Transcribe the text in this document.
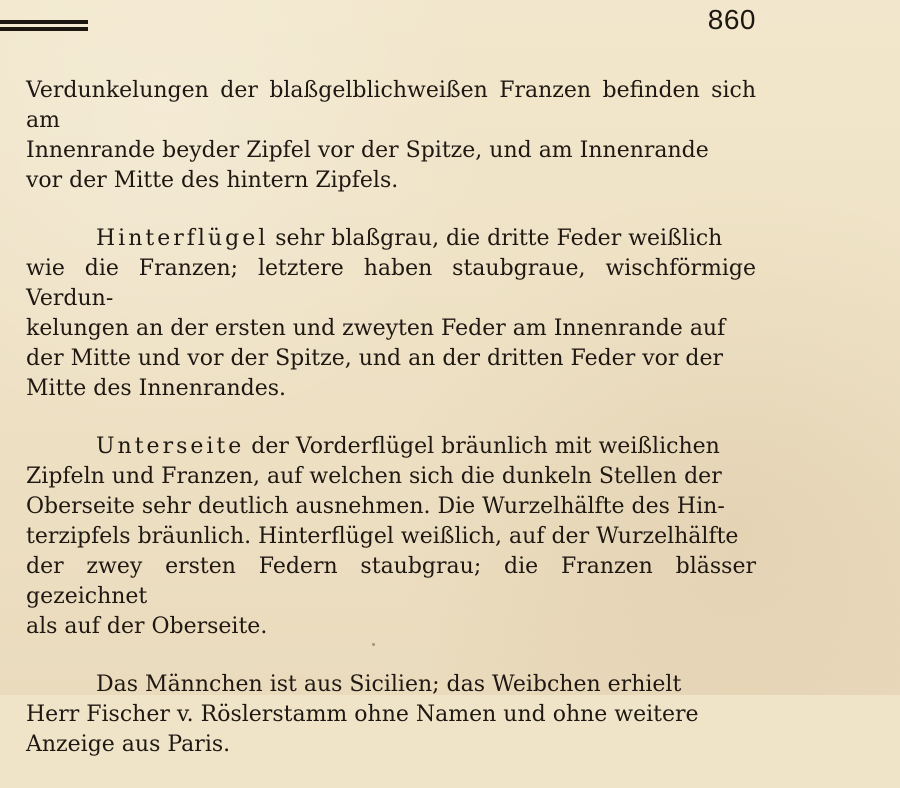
860

Verdunkelungen der blaßgelblichweißen Franzen befinden sich am
Innenrande beyder Zipfel vor der Spitze, und am Innenrande
vor der Mitte des hintern Zipfels.

Hinterflügel sehr blaßgrau, die dritte Feder weißlich
wie die Franzen; letztere haben staubgraue, wischförmige Verdun-
kelungen an der ersten und zweyten Feder am Innenrande auf
der Mitte und vor der Spitze, und an der dritten Feder vor der
Mitte des Innenrandes.

Unterseite der Vorderflügel bräunlich mit weißlichen
Zipfeln und Franzen, auf welchen sich die dunkeln Stellen der
Oberseite sehr deutlich ausnehmen. Die Wurzelhälfte des Hin-
terzipfels bräunlich. Hinterflügel weißlich, auf der Wurzelhälfte
der zwey ersten Federn staubgrau; die Franzen blässer gezeichnet
als auf der Oberseite.

Das Männchen ist aus Sicilien; das Weibchen erhielt
Herr Fischer v. Röslerstamm ohne Namen und ohne weitere
Anzeige aus Paris.
